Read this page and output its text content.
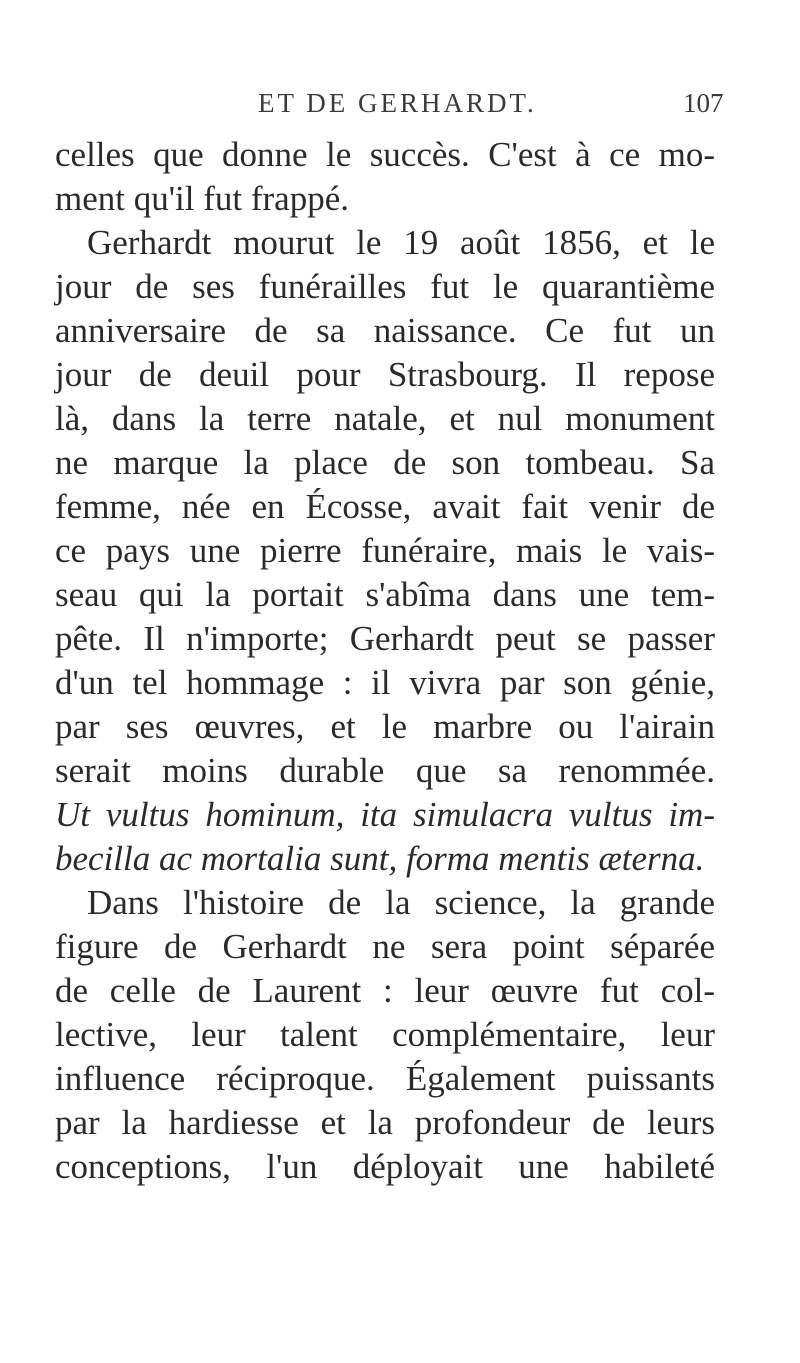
ET DE GERHARDT.	107
celles que donne le succès. C'est à ce mo-
ment qu'il fut frappé.
Gerhardt mourut le 19 août 1856, et le
jour de ses funérailles fut le quarantième
anniversaire de sa naissance. Ce fut un
jour de deuil pour Strasbourg. Il repose
là, dans la terre natale, et nul monument
ne marque la place de son tombeau. Sa
femme, née en Écosse, avait fait venir de
ce pays une pierre funéraire, mais le vais-
seau qui la portait s'abîma dans une tem-
pête. Il n'importe; Gerhardt peut se passer
d'un tel hommage : il vivra par son génie,
par ses œuvres, et le marbre ou l'airain
serait moins durable que sa renommée.
Ut vultus hominum, ita simulacra vultus im-
becilla ac mortalia sunt, forma mentis æterna.
Dans l'histoire de la science, la grande
figure de Gerhardt ne sera point séparée
de celle de Laurent : leur œuvre fut col-
lective, leur talent complémentaire, leur
influence réciproque. Également puissants
par la hardiesse et la profondeur de leurs
conceptions, l'un déployait une habileté
